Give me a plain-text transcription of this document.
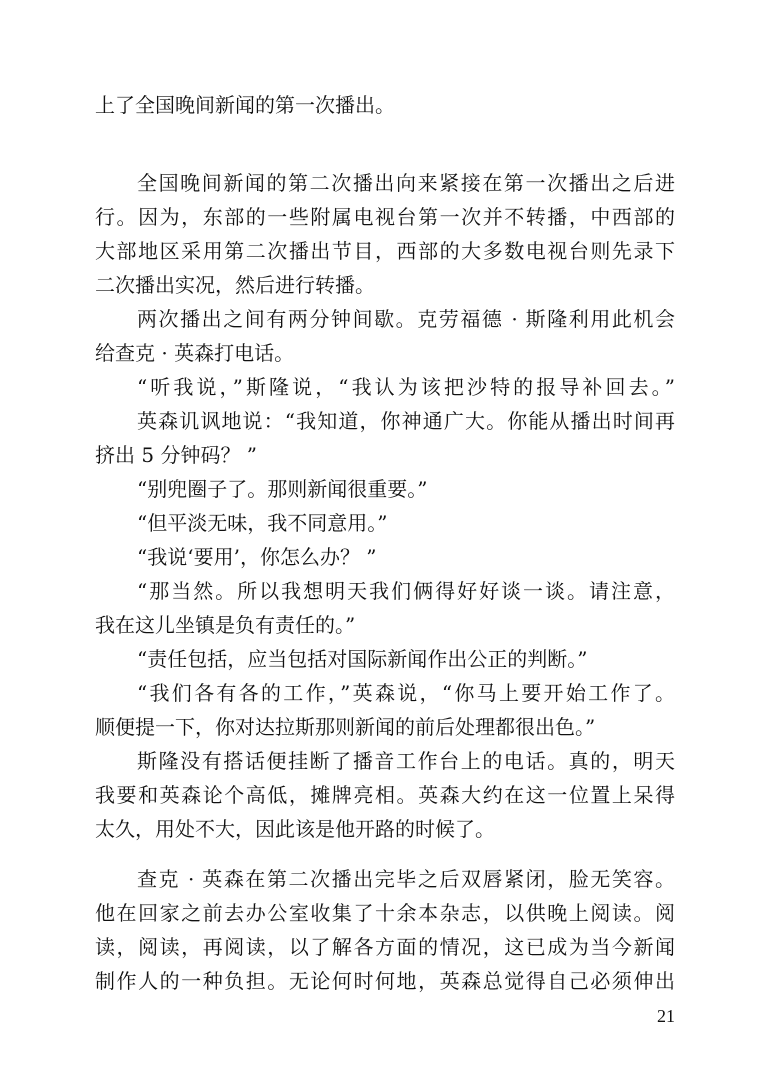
上了全国晚间新闻的第一次播出。
全国晚间新闻的第二次播出向来紧接在第一次播出之后进
行。因为，东部的一些附属电视台第一次并不转播，中西部的
大部地区采用第二次播出节目，西部的大多数电视台则先录下
二次播出实况，然后进行转播。
两次播出之间有两分钟间歇。克劳福德 · 斯隆利用此机会
给查克 · 英森打电话。
“听我说，”斯隆说，“我认为该把沙特的报导补回去。”
英森讥讽地说：“我知道，你神通广大。你能从播出时间再
挤出 5 分钟码？ ”
“别兜圈子了。那则新闻很重要。”
“但平淡无味，我不同意用。”
“我说‘要用’，你怎么办？ ”
“那当然。所以我想明天我们俩得好好谈一谈。请注意，
我在这儿坐镇是负有责任的。”
“责任包括，应当包括对国际新闻作出公正的判断。”
“我们各有各的工作，”英森说，“你马上要开始工作了。
顺便提一下，你对达拉斯那则新闻的前后处理都很出色。”
斯隆没有搭话便挂断了播音工作台上的电话。真的，明天
我要和英森论个高低，摊牌亮相。英森大约在这一位置上呆得
太久，用处不大，因此该是他开路的时候了。
查克 · 英森在第二次播出完毕之后双唇紧闭，脸无笑容。
他在回家之前去办公室收集了十余本杂志，以供晚上阅读。阅
读，阅读，再阅读，以了解各方面的情况，这已成为当今新闻
制作人的一种负担。无论何时何地，英森总觉得自己必须伸出
21
